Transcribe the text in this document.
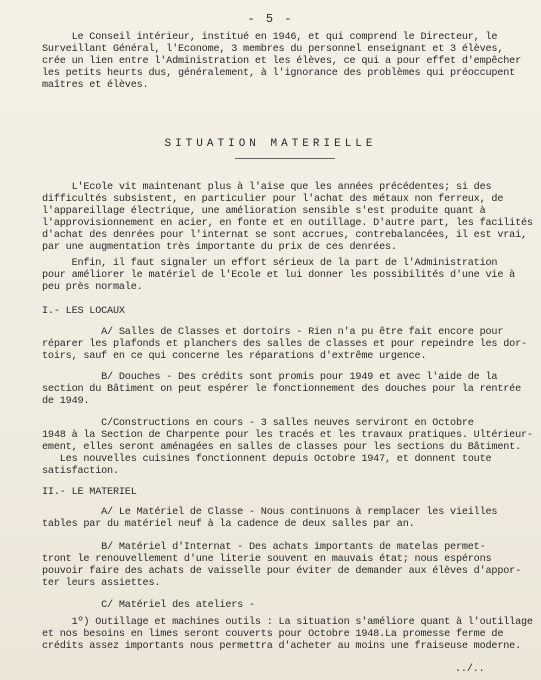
- 5 -
Le Conseil intérieur, institué en 1946, et qui comprend le Directeur, le
Surveillant Général, l'Econome, 3 membres du personnel enseignant et 3 élèves,
crée un lien entre l'Administration et les élèves, ce qui a pour effet d'empêcher
les petits heurts dus, généralement, à l'ignorance des problèmes qui préoccupent
maîtres et élèves.
SITUATION MATERIELLE
L'Ecole vit maintenant plus à l'aise que les années précédentes; si des
difficultés subsistent, en particulier pour l'achat des métaux non ferreux, de
l'appareillage électrique, une amélioration sensible s'est produite quant à
l'approvisionnement en acier, en fonte et en outillage. D'autre part, les facilités
d'achat des denrées pour l'internat se sont accrues, contrebalancées, il est vrai,
par une augmentation très importante du prix de ces denrées.
Enfin, il faut signaler un effort sérieux de la part de l'Administration
pour améliorer le matériel de l'Ecole et lui donner les possibilités d'une vie à
peu près normale.
I.- LES LOCAUX
A/ Salles de Classes et dortoirs - Rien n'a pu être fait encore pour
réparer les plafonds et planchers des salles de classes et pour repeindre les dor-
toirs, sauf en ce qui concerne les réparations d'extrême urgence.
B/ Douches - Des crédits sont promis pour 1949 et avec l'aide de la
section du Bâtiment on peut espérer le fonctionnement des douches pour la rentrée
de 1949.
C/Constructions en cours - 3 salles neuves serviront en Octobre
1948 à la Section de Charpente pour les tracés et les travaux pratiques. Ultérieur-
ement, elles seront aménagées en salles de classes pour les sections du Bâtiment.
Les nouvelles cuisines fonctionnent depuis Octobre 1947, et donnent toute
satisfaction.
II.- LE MATERIEL
A/ Le Matériel de Classe - Nous continuons à remplacer les vieilles
tables par du matériel neuf à la cadence de deux salles par an.
B/ Matériel d'Internat - Des achats importants de matelas permet-
tront le renouvellement d'une literie souvent en mauvais état; nous espérons
pouvoir faire des achats de vaisselle pour éviter de demander aux élèves d'appor-
ter leurs assiettes.
C/ Matériel des ateliers -
1º) Outillage et machines outils : La situation s'améliore quant à l'outillage
et nos besoins en limes seront couverts pour Octobre 1948.La promesse ferme de
crédits assez importants nous permettra d'acheter au moins une fraiseuse moderne.
../..
